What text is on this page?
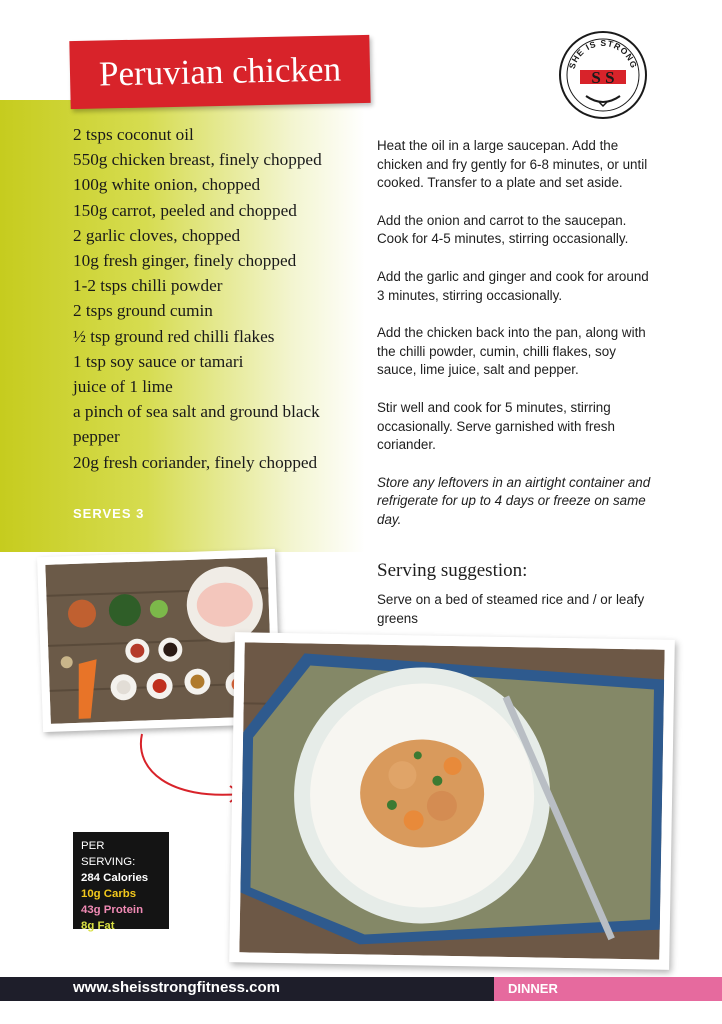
Peruvian chicken	SHE IS STRONG
S S
2 tsps coconut oil
550g chicken breast, finely chopped
100g white onion, chopped
150g carrot, peeled and chopped
2 garlic cloves, chopped
10g fresh ginger, finely chopped
1-2 tsps chilli powder
2 tsps ground cumin
½ tsp ground red chilli flakes
1 tsp soy sauce or tamari
juice of 1 lime
a pinch of sea salt and ground black pepper
20g fresh coriander, finely chopped
SERVES 3

Heat the oil in a large saucepan. Add the chicken and fry gently for 6-8 minutes, or until cooked. Transfer to a plate and set aside.

Add the onion and carrot to the saucepan. Cook for 4-5 minutes, stirring occasionally.

Add the garlic and ginger and cook for around 3 minutes, stirring occasionally.

Add the chicken back into the pan, along with the chilli powder, cumin, chilli flakes, soy sauce, lime juice, salt and pepper.

Stir well and cook for 5 minutes, stirring occasionally. Serve garnished with fresh coriander.

Store any leftovers in an airtight container and refrigerate for up to 4 days or freeze on same day.

Serving suggestion:

Serve on a bed of steamed rice and / or leafy greens

PER SERVING:
284 Calories
10g Carbs
43g Protein
8g Fat
www.sheisstrongfitness.com	DINNER
